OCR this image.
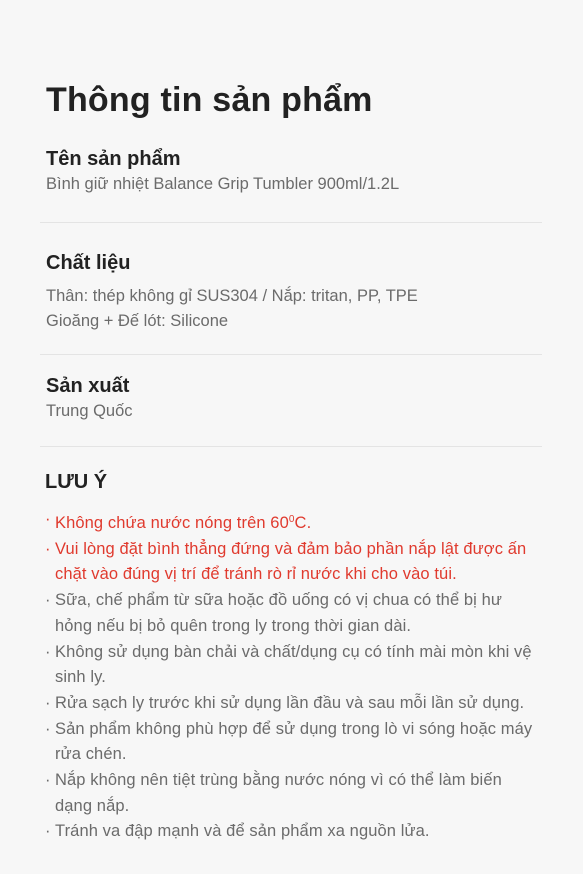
Thông tin sản phẩm

Tên sản phẩm

Bình giữ nhiệt Balance Grip Tumbler 900ml/1.2L

Chất liệu

Thân: thép không gỉ SUS304 / Nắp: tritan, PP, TPE

Gioăng + Đế lót: Silicone

Sản xuất

Trung Quốc

LƯU Ý

· Không chứa nước nóng trên $60^0C$.
· Vui lòng đặt bình thẳng đứng và đảm bảo phần nắp lật được ấn chặt vào đúng vị trí để tránh rò rỉ nước khi cho vào túi.
· Sữa, chế phẩm từ sữa hoặc đồ uống có vị chua có thể bị hư hỏng nếu bị bỏ quên trong ly trong thời gian dài.
· Không sử dụng bàn chải và chất/dụng cụ có tính mài mòn khi vệ sinh ly.
· Rửa sạch ly trước khi sử dụng lần đầu và sau mỗi lần sử dụng.
· Sản phẩm không phù hợp để sử dụng trong lò vi sóng hoặc máy rửa chén.
· Nắp không nên tiệt trùng bằng nước nóng vì có thể làm biến dạng nắp.
· Tránh va đập mạnh và để sản phẩm xa nguồn lửa.
